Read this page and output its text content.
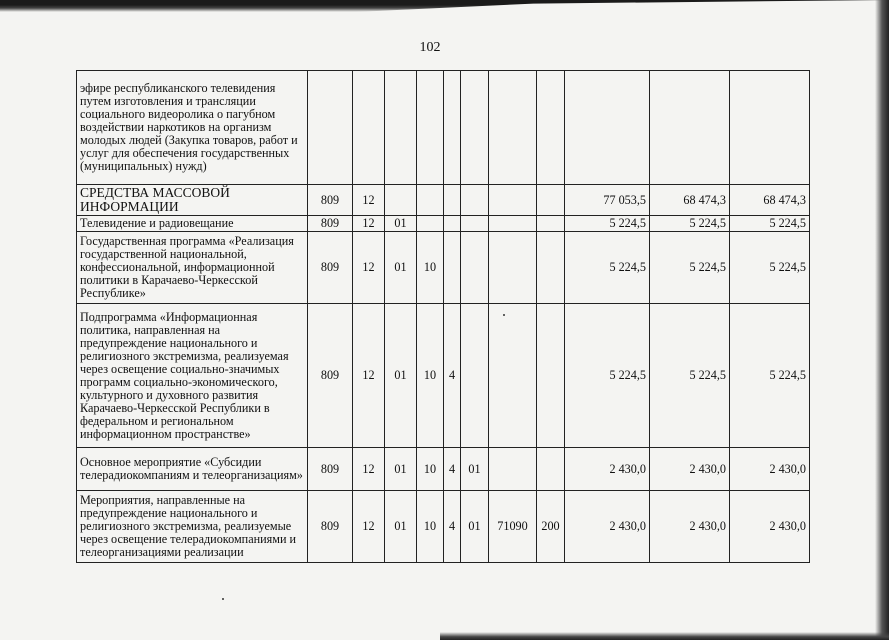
102
эфире республиканского телевидения путем изготовления и трансляции социального видеоролика о пагубном воздействии наркотиков на организм молодых людей (Закупка товаров, работ и услуг для обеспечения государственных (муниципальных) нужд)											
СРЕДСТВА МАССОВОЙ ИНФОРМАЦИИ	809	12							77 053,5	68 474,3	68 474,3
Телевидение и радиовещание	809	12	01						5 224,5	5 224,5	5 224,5
Государственная программа «Реализация государственной национальной, конфессиональной, информационной политики в Карачаево-Черкесской Республике»	809	12	01	10					5 224,5	5 224,5	5 224,5
Подпрограмма «Информационная политика, направленная на предупреждение национального и религиозного экстремизма, реализуемая через освещение социально-значимых программ социально-экономического, культурного и духовного развития Карачаево-Черкесской Республики в федеральном и региональном информационном пространстве»	809	12	01	10	4				5 224,5	5 224,5	5 224,5
Основное мероприятие «Субсидии телерадиокомпаниям и телеорганизациям»	809	12	01	10	4	01			2 430,0	2 430,0	2 430,0
Мероприятия, направленные на предупреждение национального и религиозного экстремизма, реализуемые через освещение телерадиокомпаниями и телеорганизациями реализации	809	12	01	10	4	01	71090	200	2 430,0	2 430,0	2 430,0
